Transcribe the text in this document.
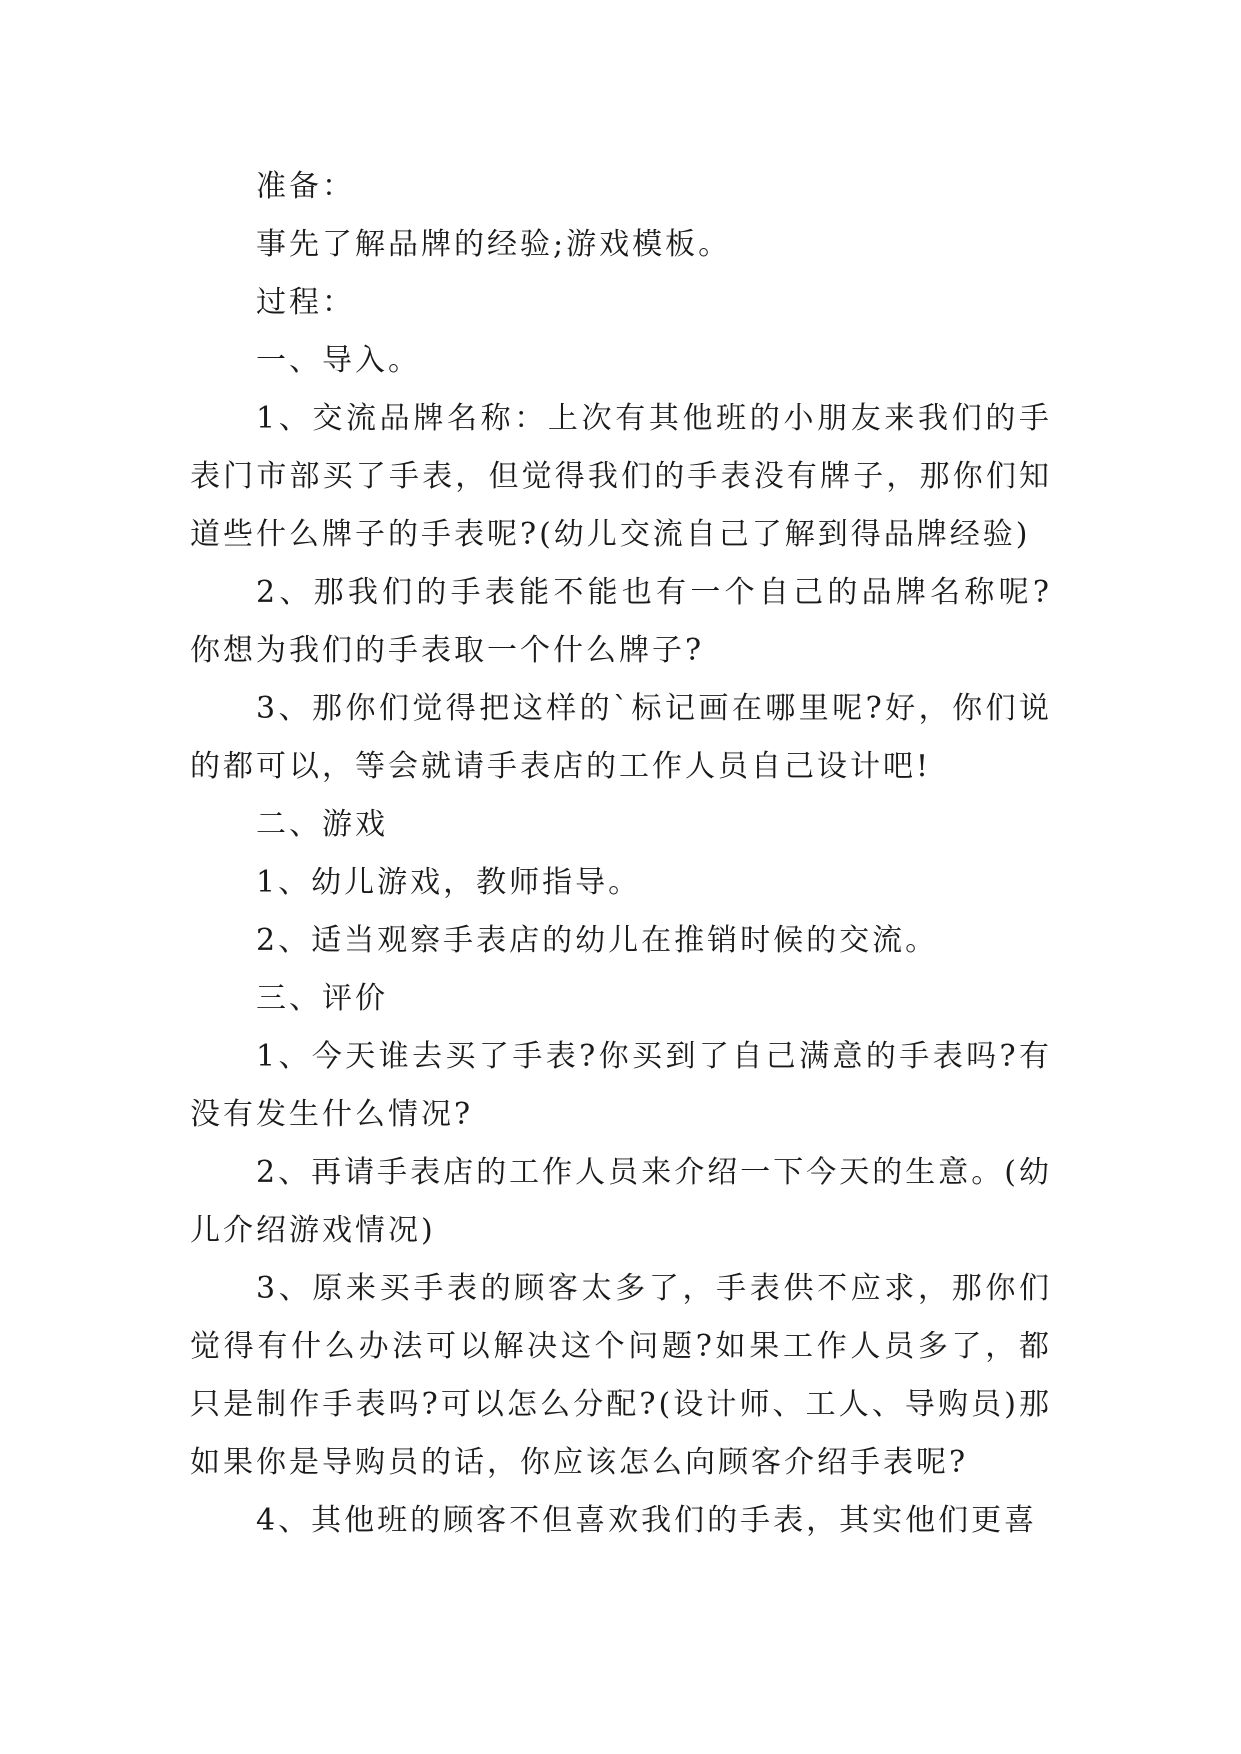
准备：

事先了解品牌的经验;游戏模板。

过程：

一、导入。

1、交流品牌名称：上次有其他班的小朋友来我们的手表门市部买了手表，但觉得我们的手表没有牌子，那你们知道些什么牌子的手表呢?(幼儿交流自己了解到得品牌经验)

2、那我们的手表能不能也有一个自己的品牌名称呢?你想为我们的手表取一个什么牌子?

3、那你们觉得把这样的`标记画在哪里呢?好，你们说的都可以，等会就请手表店的工作人员自己设计吧!

二、游戏

1、幼儿游戏，教师指导。

2、适当观察手表店的幼儿在推销时候的交流。

三、评价

1、今天谁去买了手表?你买到了自己满意的手表吗?有没有发生什么情况?

2、再请手表店的工作人员来介绍一下今天的生意。(幼儿介绍游戏情况)

3、原来买手表的顾客太多了，手表供不应求，那你们觉得有什么办法可以解决这个问题?如果工作人员多了，都只是制作手表吗?可以怎么分配?(设计师、工人、导购员)那如果你是导购员的话，你应该怎么向顾客介绍手表呢?

4、其他班的顾客不但喜欢我们的手表，其实他们更喜
